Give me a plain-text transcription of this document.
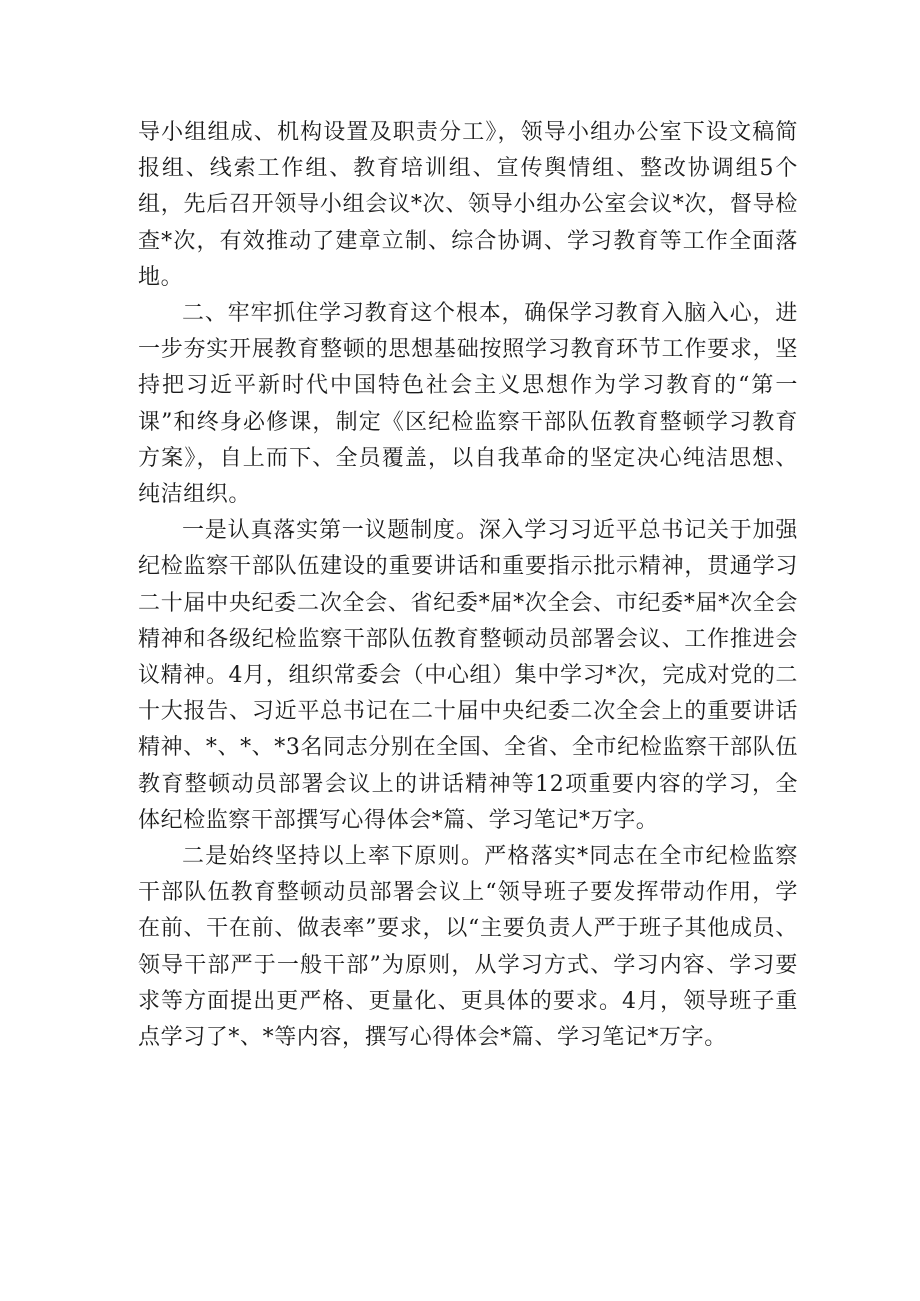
导小组组成、机构设置及职责分工》，领导小组办公室下设文稿简报组、线索工作组、教育培训组、宣传舆情组、整改协调组5个组，先后召开领导小组会议*次、领导小组办公室会议*次，督导检查*次，有效推动了建章立制、综合协调、学习教育等工作全面落地。

二、牢牢抓住学习教育这个根本，确保学习教育入脑入心，进一步夯实开展教育整顿的思想基础按照学习教育环节工作要求，坚持把习近平新时代中国特色社会主义思想作为学习教育的“第一课”和终身必修课，制定《区纪检监察干部队伍教育整顿学习教育方案》，自上而下、全员覆盖，以自我革命的坚定决心纯洁思想、纯洁组织。

一是认真落实第一议题制度。深入学习习近平总书记关于加强纪检监察干部队伍建设的重要讲话和重要指示批示精神，贯通学习二十届中央纪委二次全会、省纪委*届*次全会、市纪委*届*次全会精神和各级纪检监察干部队伍教育整顿动员部署会议、工作推进会议精神。4月，组织常委会（中心组）集中学习*次，完成对党的二十大报告、习近平总书记在二十届中央纪委二次全会上的重要讲话精神、*、*、*3名同志分别在全国、全省、全市纪检监察干部队伍教育整顿动员部署会议上的讲话精神等12项重要内容的学习，全体纪检监察干部撰写心得体会*篇、学习笔记*万字。

二是始终坚持以上率下原则。严格落实*同志在全市纪检监察干部队伍教育整顿动员部署会议上“领导班子要发挥带动作用，学在前、干在前、做表率”要求，以“主要负责人严于班子其他成员、领导干部严于一般干部”为原则，从学习方式、学习内容、学习要求等方面提出更严格、更量化、更具体的要求。4月，领导班子重点学习了*、*等内容，撰写心得体会*篇、学习笔记*万字。
